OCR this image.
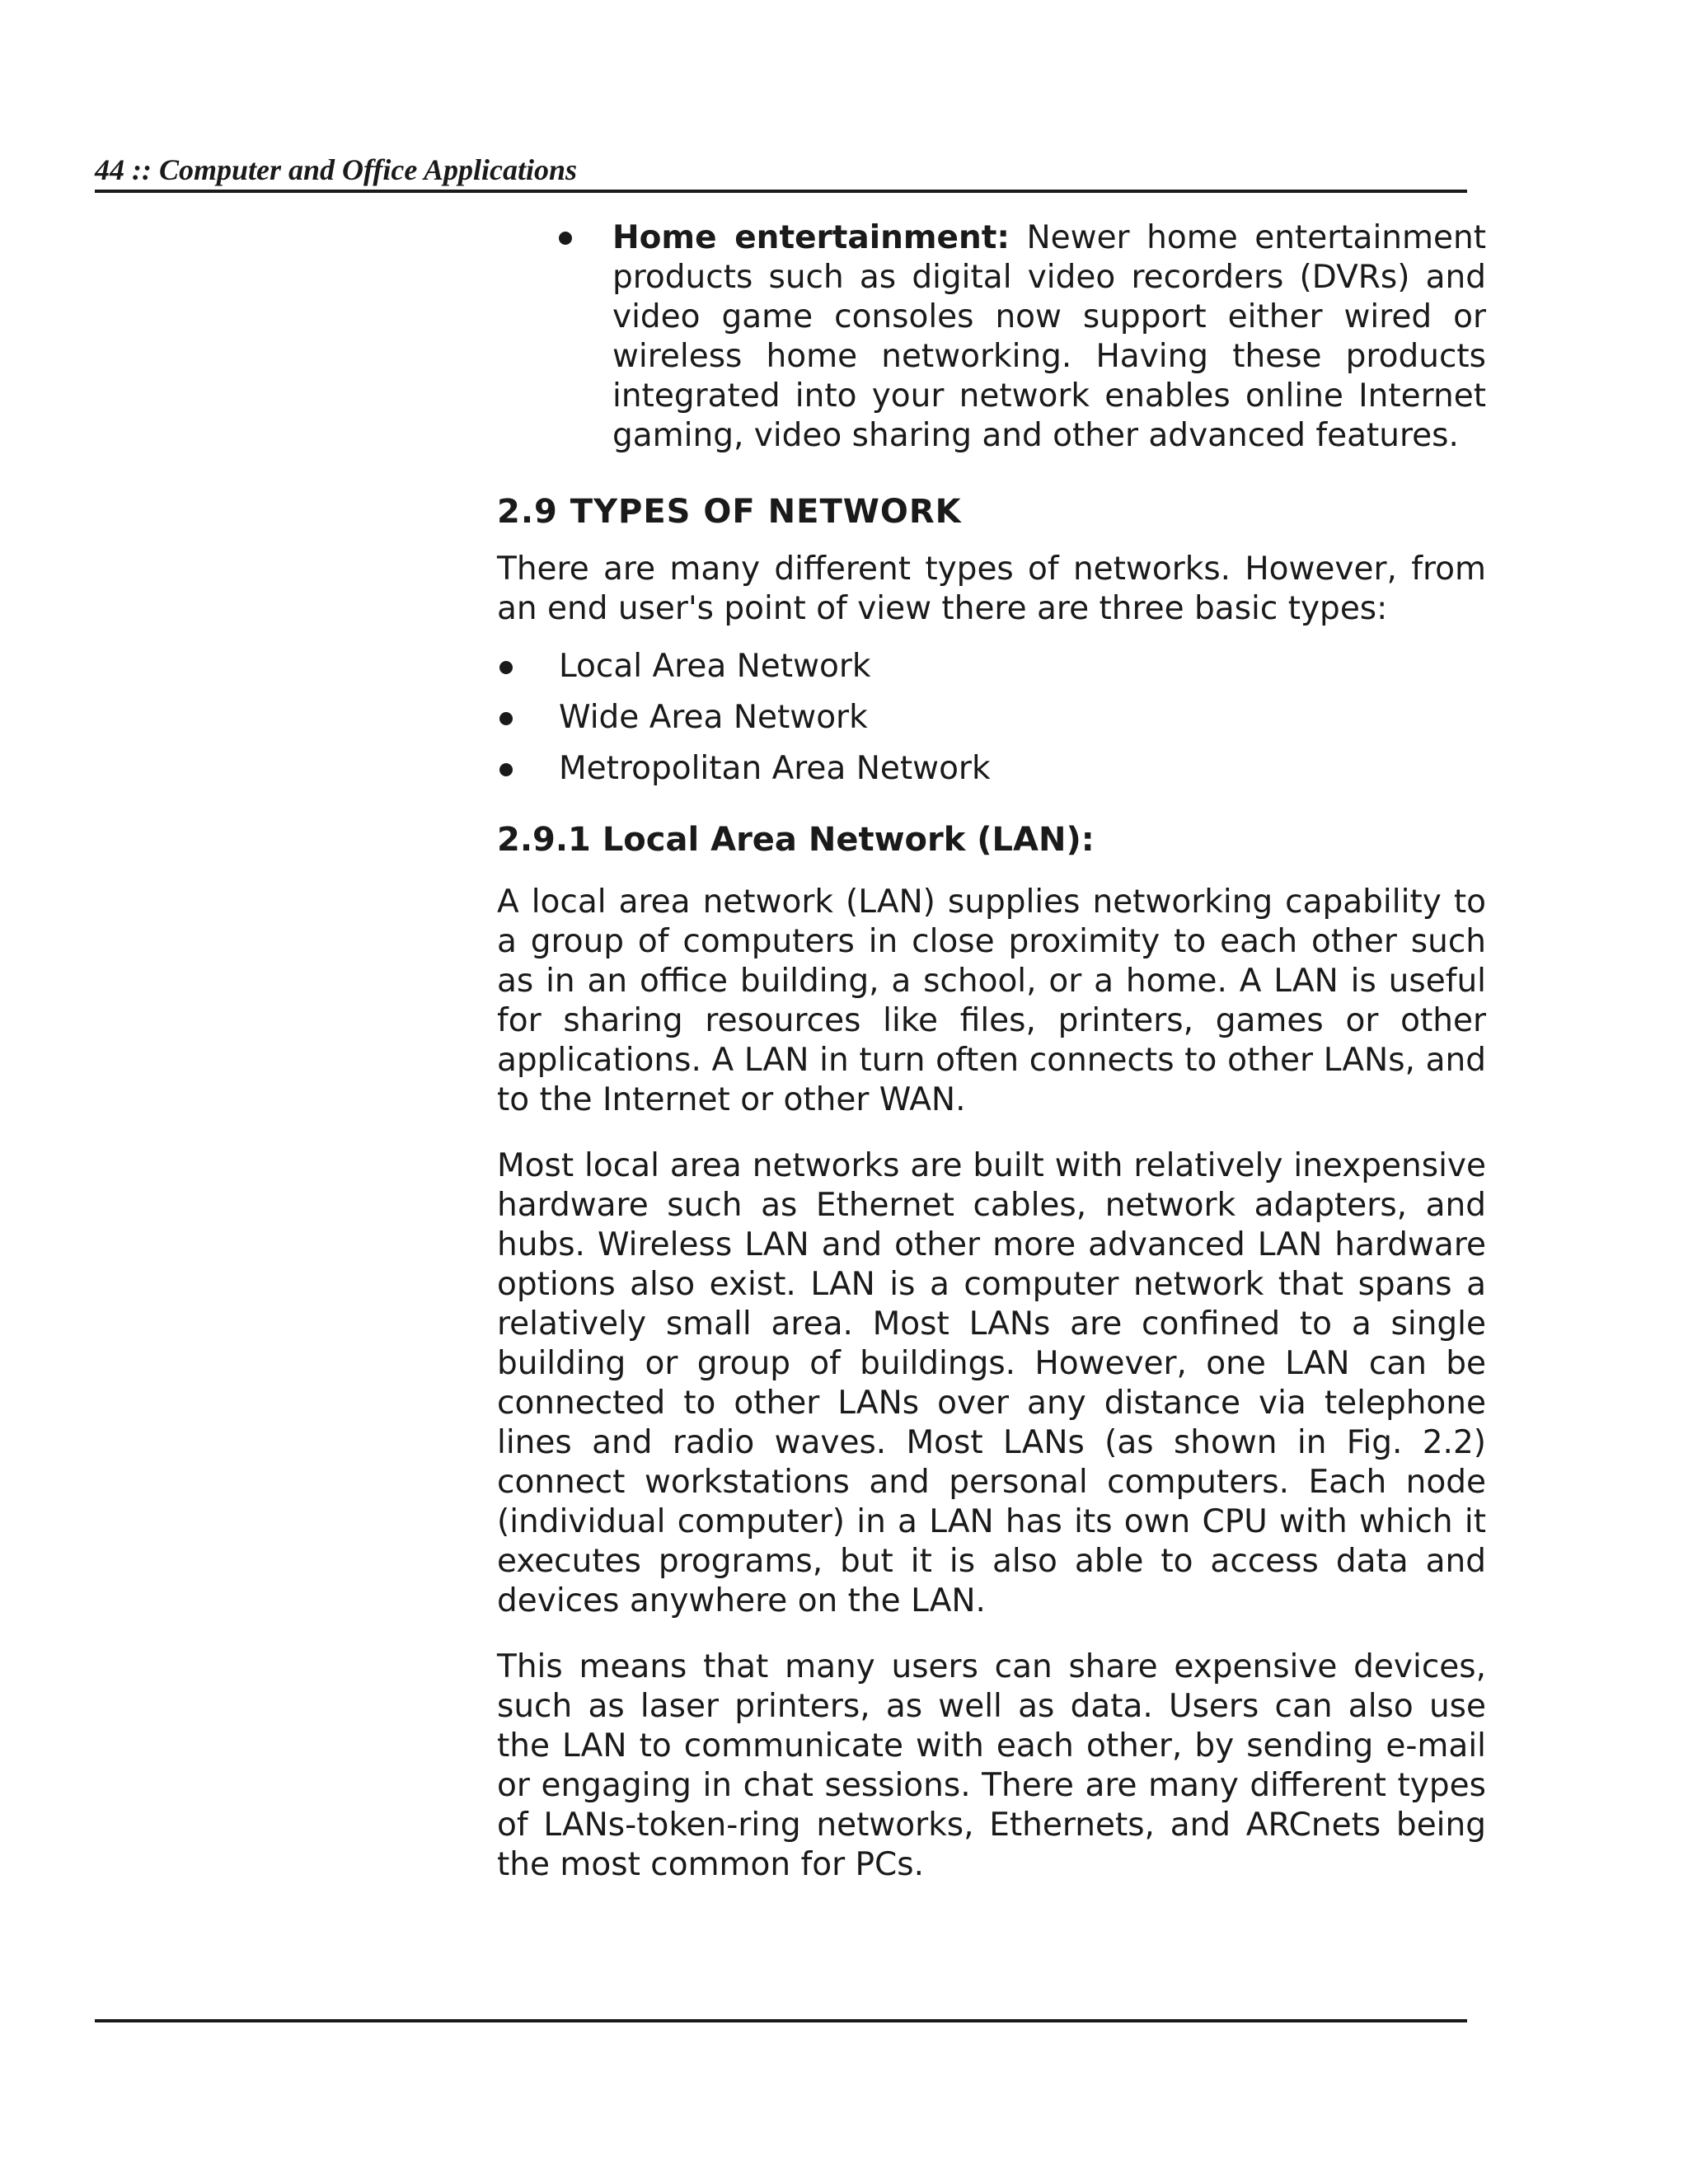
44 :: Computer and Office Applications

Home entertainment: Newer home entertainment products such as digital video recorders (DVRs) and video game consoles now support either wired or wireless home networking. Having these products integrated into your network enables online Internet gaming, video sharing and other advanced features.

2.9 TYPES OF NETWORK

There are many different types of networks. However, from an end user's point of view there are three basic types:

Local Area Network
Wide Area Network
Metropolitan Area Network
2.9.1 Local Area Network (LAN):

A local area network (LAN) supplies networking capability to a group of computers in close proximity to each other such as in an office building, a school, or a home. A LAN is useful for sharing resources like files, printers, games or other applications. A LAN in turn often connects to other LANs, and to the Internet or other WAN.

Most local area networks are built with relatively inexpensive hardware such as Ethernet cables, network adapters, and hubs. Wireless LAN and other more advanced LAN hardware options also exist. LAN is a computer network that spans a relatively small area. Most LANs are confined to a single building or group of buildings. However, one LAN can be connected to other LANs over any distance via telephone lines and radio waves. Most LANs (as shown in Fig. 2.2) connect workstations and personal computers. Each node (individual computer) in a LAN has its own CPU with which it executes programs, but it is also able to access data and devices anywhere on the LAN.

This means that many users can share expensive devices, such as laser printers, as well as data. Users can also use the LAN to communicate with each other, by sending e-mail or engaging in chat sessions. There are many different types of LANs-token-ring networks, Ethernets, and ARCnets being the most common for PCs.
